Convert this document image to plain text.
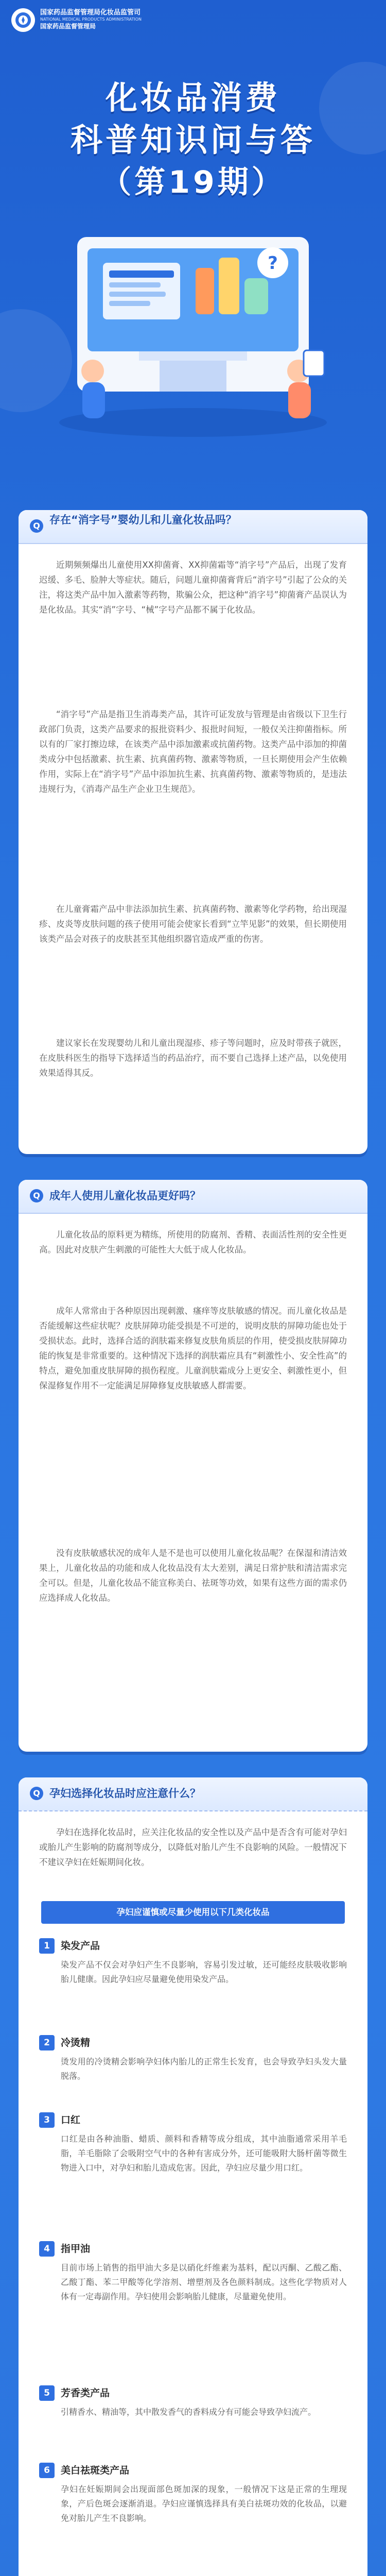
国家药品监督管理局化妆品监管司
NATIONAL MEDICAL PRODUCTS ADMINISTRATION
国家药品监督管理局
化妆品消费
科普知识问与答
（第19期）
?
Q 存在“消字号”婴幼儿和儿童化妆品吗？
近期频频爆出儿童使用XX抑菌膏、XX抑菌霜等“消字号”产品后，出现了发育迟缓、多毛、脸肿大等症状。随后，问题儿童抑菌膏背后“消字号”引起了公众的关注，将这类产品中加入激素等药物，欺骗公众，把这种“消字号”抑菌膏产品误认为是化妆品。其实“消”字号、“械”字号产品都不属于化妆品。
“消字号”产品是指卫生消毒类产品，其许可证发放与管理是由省级以下卫生行政部门负责，这类产品要求的报批资料少、报批时间短，一般仅关注抑菌指标。所以有的厂家打擦边球，在该类产品中添加激素或抗菌药物。这类产品中添加的抑菌类成分中包括激素、抗生素、抗真菌药物、激素等物质，一旦长期使用会产生依赖作用，实际上在“消字号”产品中添加抗生素、抗真菌药物、激素等物质的，是违法违规行为，《消毒产品生产企业卫生规范》。
在儿童膏霜产品中非法添加抗生素、抗真菌药物、激素等化学药物，给出现湿疹、皮炎等皮肤问题的孩子使用可能会使家长看到“立竿见影”的效果，但长期使用该类产品会对孩子的皮肤甚至其他组织器官造成严重的伤害。
建议家长在发现婴幼儿和儿童出现湿疹、疹子等问题时，应及时带孩子就医，在皮肤科医生的指导下选择适当的药品治疗，而不要自己选择上述产品，以免使用效果适得其反。
Q 成年人使用儿童化妆品更好吗？
儿童化妆品的原料更为精练，所使用的防腐剂、香精、表面活性剂的安全性更高。因此对皮肤产生刺激的可能性大大低于成人化妆品。
成年人常常由于各种原因出现刺激、瘙痒等皮肤敏感的情况。而儿童化妆品是否能缓解这些症状呢？皮肤屏障功能受损是不可逆的，说明皮肤的屏障功能也处于受损状态。此时，选择合适的润肤霜来修复皮肤角质层的作用，使受损皮肤屏障功能的恢复是非常重要的。这种情况下选择的润肤霜应具有“刺激性小、安全性高”的特点，避免加重皮肤屏障的损伤程度。儿童润肤霜成分上更安全、刺激性更小，但保湿修复作用不一定能满足屏障修复皮肤敏感人群需要。
没有皮肤敏感状况的成年人是不是也可以使用儿童化妆品呢？在保湿和清洁效果上，儿童化妆品的功能和成人化妆品没有太大差别，满足日常护肤和清洁需求完全可以。但是，儿童化妆品不能宣称美白、祛斑等功效，如果有这些方面的需求仍应选择成人化妆品。
Q 孕妇选择化妆品时应注意什么？
孕妇在选择化妆品时，应关注化妆品的安全性以及产品中是否含有可能对孕妇或胎儿产生影响的防腐剂等成分，以降低对胎儿产生不良影响的风险。一般情况下不建议孕妇在妊娠期间化妆。
孕妇应谨慎或尽量少使用以下几类化妆品
1	染发产品
染发产品不仅会对孕妇产生不良影响，容易引发过敏，还可能经皮肤吸收影响胎儿健康。因此孕妇应尽量避免使用染发产品。
2	冷烫精
烫发用的冷烫精会影响孕妇体内胎儿的正常生长发育，也会导致孕妇头发大量脱落。
3	口红
口红是由各种油脂、蜡质、颜料和香精等成分组成，其中油脂通常采用羊毛脂，羊毛脂除了会吸附空气中的各种有害成分外，还可能吸附大肠杆菌等微生物进入口中，对孕妇和胎儿造成危害。因此，孕妇应尽量少用口红。
4	指甲油
目前市场上销售的指甲油大多是以硝化纤维素为基料，配以丙酮、乙酸乙酯、乙酸丁酯、苯二甲酸等化学溶剂、增塑剂及各色颜料制成。这些化学物质对人体有一定毒副作用。孕妇使用会影响胎儿健康，尽量避免使用。
5	芳香类产品
引精香水、精油等，其中散发香气的香料成分有可能会导致孕妇流产。
6	美白祛斑类产品
孕妇在妊娠期间会出现面部色斑加深的现象，一般情况下这是正常的生理现象，产后色斑会逐渐消退。孕妇应谨慎选择具有美白祛斑功效的化妆品，以避免对胎儿产生不良影响。
